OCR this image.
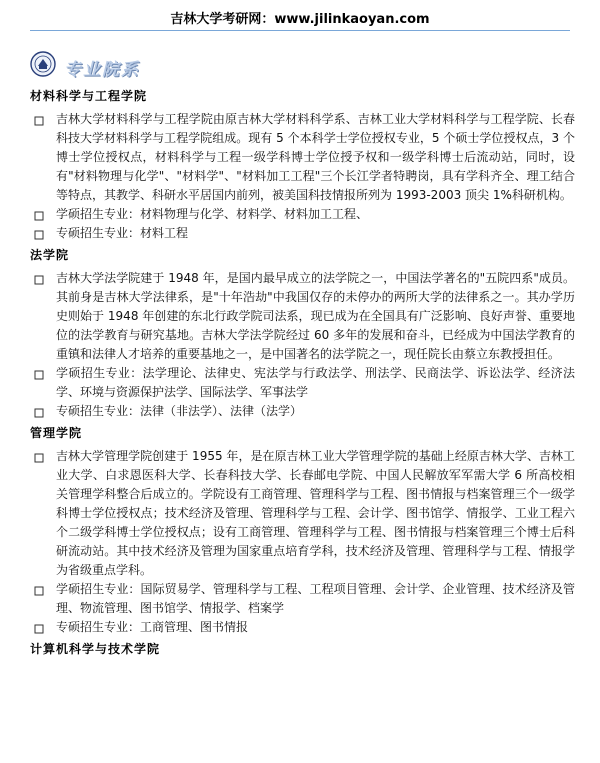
吉林大学考研网：www.jilinkaoyan.com
专业院系
材料科学与工程学院
吉林大学材料科学与工程学院由原吉林大学材料科学系、吉林工业大学材料科学与工程学院、长春科技大学材料科学与工程学院组成。现有 5 个本科学士学位授权专业，5 个硕士学位授权点，3 个博士学位授权点，材料科学与工程一级学科博士学位授予权和一级学科博士后流动站，同时，设有"材料物理与化学"、"材料学"、"材料加工工程"三个长江学者特聘岗，具有学科齐全、理工结合等特点，其教学、科研水平居国内前列，被美国科技情报所列为 1993-2003 顶尖 1%科研机构。
学硕招生专业：材料物理与化学、材料学、材料加工工程、
专硕招生专业：材料工程
法学院
吉林大学法学院建于 1948 年，是国内最早成立的法学院之一，中国法学著名的"五院四系"成员。其前身是吉林大学法律系，是"十年浩劫"中我国仅存的未停办的两所大学的法律系之一。其办学历史则始于 1948 年创建的东北行政学院司法系，现已成为在全国具有广泛影响、良好声誉、重要地位的法学教育与研究基地。吉林大学法学院经过 60 多年的发展和奋斗，已经成为中国法学教育的重镇和法律人才培养的重要基地之一，是中国著名的法学院之一，现任院长由蔡立东教授担任。
学硕招生专业：法学理论、法律史、宪法学与行政法学、刑法学、民商法学、诉讼法学、经济法学、环境与资源保护法学、国际法学、军事法学
专硕招生专业：法律（非法学）、法律（法学）
管理学院
吉林大学管理学院创建于 1955 年，是在原吉林工业大学管理学院的基础上经原吉林大学、吉林工业大学、白求恩医科大学、长春科技大学、长春邮电学院、中国人民解放军军需大学 6 所高校相关管理学科整合后成立的。学院设有工商管理、管理科学与工程、图书情报与档案管理三个一级学科博士学位授权点；技术经济及管理、管理科学与工程、会计学、图书馆学、情报学、工业工程六个二级学科博士学位授权点；设有工商管理、管理科学与工程、图书情报与档案管理三个博士后科研流动站。其中技术经济及管理为国家重点培育学科，技术经济及管理、管理科学与工程、情报学为省级重点学科。
学硕招生专业：国际贸易学、管理科学与工程、工程项目管理、会计学、企业管理、技术经济及管理、物流管理、图书馆学、情报学、档案学
专硕招生专业：工商管理、图书情报
计算机科学与技术学院
